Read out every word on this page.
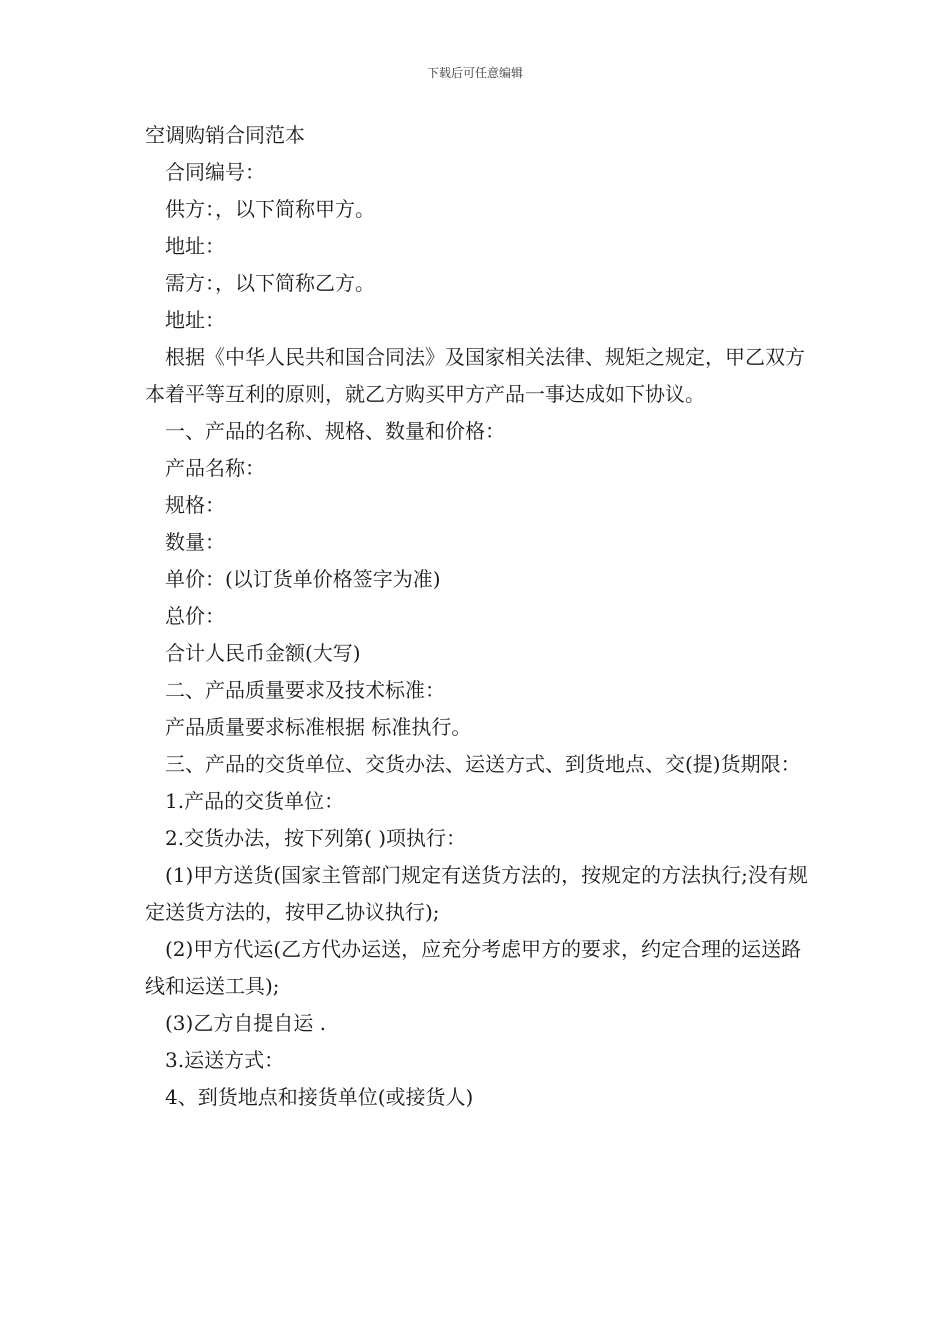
下载后可任意编辑
空调购销合同范本

合同编号：

供方：，以下简称甲方。

地址：

需方：，以下简称乙方。

地址：

根据《中华人民共和国合同法》及国家相关法律、规矩之规定，甲乙双方本着平等互利的原则，就乙方购买甲方产品一事达成如下协议。

一、产品的名称、规格、数量和价格：

产品名称：

规格：

数量：

单价：(以订货单价格签字为准)

总价：

合计人民币金额(大写)

二、产品质量要求及技术标准：

产品质量要求标准根据 标准执行。

三、产品的交货单位、交货办法、运送方式、到货地点、交(提)货期限：

1.产品的交货单位：

2.交货办法，按下列第( )项执行：

(1)甲方送货(国家主管部门规定有送货方法的，按规定的方法执行;没有规定送货方法的，按甲乙协议执行);

(2)甲方代运(乙方代办运送，应充分考虑甲方的要求，约定合理的运送路线和运送工具);

(3)乙方自提自运 .

3.运送方式：

4、到货地点和接货单位(或接货人)
